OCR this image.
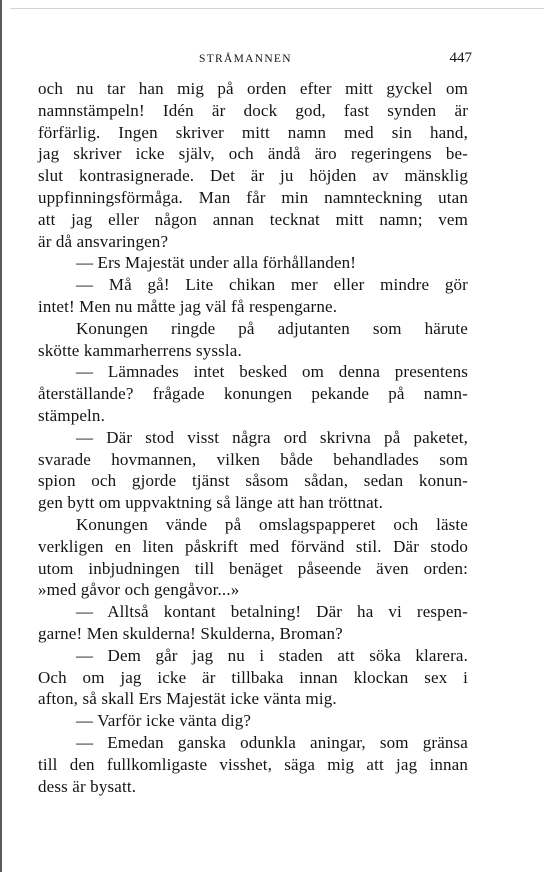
STRÅMANNEN	447
och nu tar han mig på orden efter mitt gyckel om
namnstämpeln! Idén är dock god, fast synden är
förfärlig. Ingen skriver mitt namn med sin hand,
jag skriver icke själv, och ändå äro regeringens be-
slut kontrasignerade. Det är ju höjden av mänsklig
uppfinningsförmåga. Man får min namnteckning utan
att jag eller någon annan tecknat mitt namn; vem
är då ansvaringen?
— Ers Majestät under alla förhållanden!
— Må gå! Lite chikan mer eller mindre gör
intet! Men nu måtte jag väl få respengarne.
Konungen ringde på adjutanten som härute
skötte kammarherrens syssla.
— Lämnades intet besked om denna presentens
återställande? frågade konungen pekande på namn-
stämpeln.
— Där stod visst några ord skrivna på paketet,
svarade hovmannen, vilken både behandlades som
spion och gjorde tjänst såsom sådan, sedan konun-
gen bytt om uppvaktning så länge att han tröttnat.
Konungen vände på omslagspapperet och läste
verkligen en liten påskrift med förvänd stil. Där stodo
utom inbjudningen till benäget påseende även orden:
»med gåvor och gengåvor...»
— Alltså kontant betalning! Där ha vi respen-
garne! Men skulderna! Skulderna, Broman?
— Dem går jag nu i staden att söka klarera.
Och om jag icke är tillbaka innan klockan sex i
afton, så skall Ers Majestät icke vänta mig.
— Varför icke vänta dig?
— Emedan ganska odunkla aningar, som gränsa
till den fullkomligaste visshet, säga mig att jag innan
dess är bysatt.
